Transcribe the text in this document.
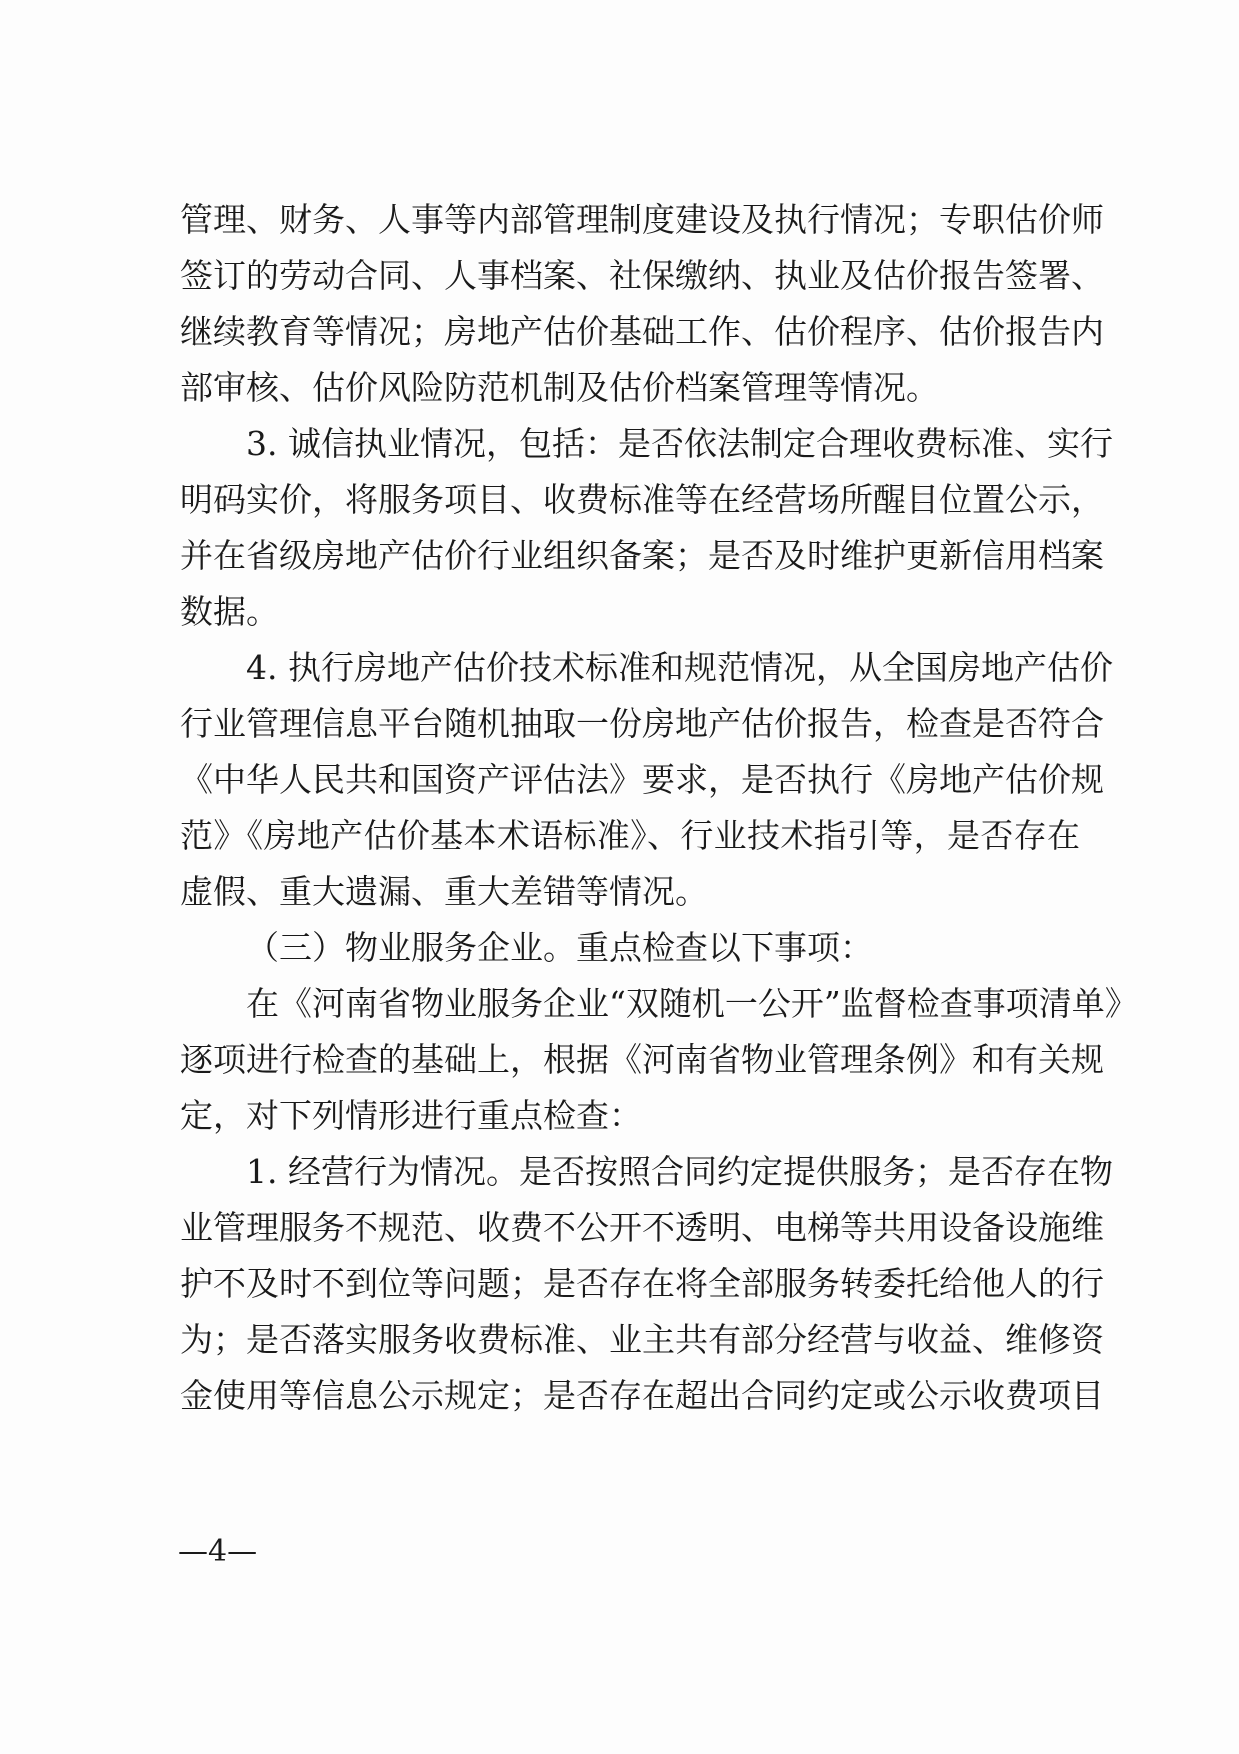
管理、财务、人事等内部管理制度建设及执行情况；专职估价师
签订的劳动合同、人事档案、社保缴纳、执业及估价报告签署、
继续教育等情况；房地产估价基础工作、估价程序、估价报告内
部审核、估价风险防范机制及估价档案管理等情况。
3. 诚信执业情况，包括：是否依法制定合理收费标准、实行
明码实价，将服务项目、收费标准等在经营场所醒目位置公示，
并在省级房地产估价行业组织备案；是否及时维护更新信用档案
数据。
4. 执行房地产估价技术标准和规范情况，从全国房地产估价
行业管理信息平台随机抽取一份房地产估价报告，检查是否符合
《中华人民共和国资产评估法》要求，是否执行《房地产估价规
范》《房地产估价基本术语标准》、行业技术指引等，是否存在
虚假、重大遗漏、重大差错等情况。
（三）物业服务企业。重点检查以下事项：
在《河南省物业服务企业“双随机一公开”监督检查事项清单》
逐项进行检查的基础上，根据《河南省物业管理条例》和有关规
定，对下列情形进行重点检查：
1. 经营行为情况。是否按照合同约定提供服务；是否存在物
业管理服务不规范、收费不公开不透明、电梯等共用设备设施维
护不及时不到位等问题；是否存在将全部服务转委托给他人的行
为；是否落实服务收费标准、业主共有部分经营与收益、维修资
金使用等信息公示规定；是否存在超出合同约定或公示收费项目
—4—
